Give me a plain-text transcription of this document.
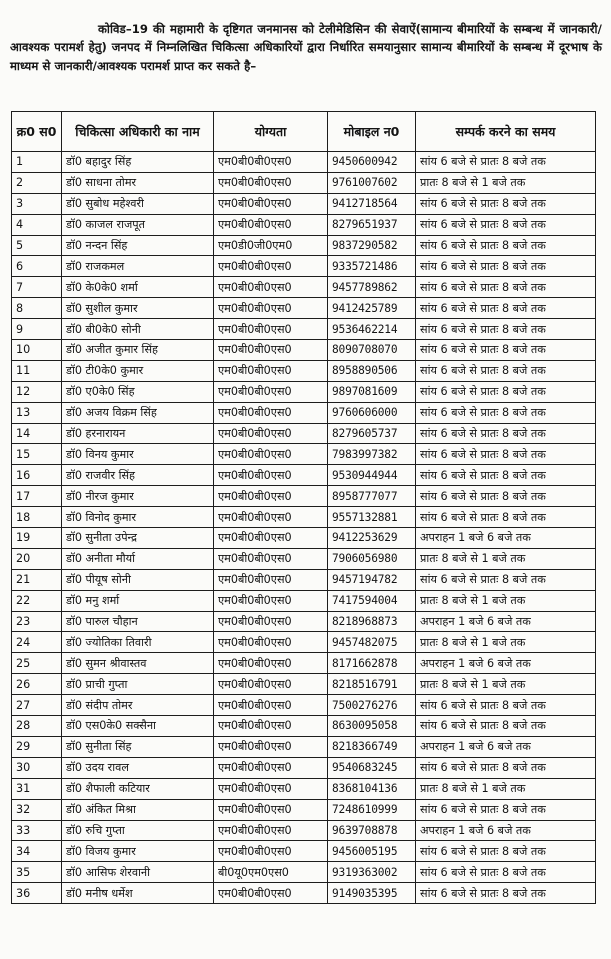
कोविड–19 की महामारी के दृष्टिगत जनमानस को टेलीमेडिसिन की सेवाऐं(सामान्य बीमारियों के सम्बन्ध में जानकारी/आवश्यक परामर्श हेतु) जनपद में निम्नलिखित चिकित्सा अधिकारियों द्वारा निर्धारित समयानुसार सामान्य बीमारियों के सम्बन्ध में दूरभाष के माध्यम से जानकारी/आवश्यक परामर्श प्राप्त कर सकते है–

क्र0 स0	चिकित्सा अधिकारी का नाम	योग्यता	मोबाइल न0	सम्पर्क करने का समय
1	डॉ0 बहादुर सिंह	एम0बी0बी0एस0	9450600942	सांय 6 बजे से प्रातः 8 बजे तक
2	डॉ0 साधना तोमर	एम0बी0बी0एस0	9761007602	प्रातः 8 बजे से 1 बजे तक
3	डॉ0 सुबोध महेश्वरी	एम0बी0बी0एस0	9412718564	सांय 6 बजे से प्रातः 8 बजे तक
4	डॉ0 काजल राजपूत	एम0बी0बी0एस0	8279651937	सांय 6 बजे से प्रातः 8 बजे तक
5	डॉ0 नन्दन सिंह	एम0डी0जी0एम0	9837290582	सांय 6 बजे से प्रातः 8 बजे तक
6	डॉ0 राजकमल	एम0बी0बी0एस0	9335721486	सांय 6 बजे से प्रातः 8 बजे तक
7	डॉ0 के0के0 शर्मा	एम0बी0बी0एस0	9457789862	सांय 6 बजे से प्रातः 8 बजे तक
8	डॉ0 सुशील कुमार	एम0बी0बी0एस0	9412425789	सांय 6 बजे से प्रातः 8 बजे तक
9	डॉ0 बी0के0 सोनी	एम0बी0बी0एस0	9536462214	सांय 6 बजे से प्रातः 8 बजे तक
10	डॉ0 अजीत कुमार सिंह	एम0बी0बी0एस0	8090708070	सांय 6 बजे से प्रातः 8 बजे तक
11	डॉ0 टी0के0 कुमार	एम0बी0बी0एस0	8958890506	सांय 6 बजे से प्रातः 8 बजे तक
12	डॉ0 ए0के0 सिंह	एम0बी0बी0एस0	9897081609	सांय 6 बजे से प्रातः 8 बजे तक
13	डॉ0 अजय विक्रम सिंह	एम0बी0बी0एस0	9760606000	सांय 6 बजे से प्रातः 8 बजे तक
14	डॉ0 हरनारायन	एम0बी0बी0एस0	8279605737	सांय 6 बजे से प्रातः 8 बजे तक
15	डॉ0 विनय कुमार	एम0बी0बी0एस0	7983997382	सांय 6 बजे से प्रातः 8 बजे तक
16	डॉ0 राजवीर सिंह	एम0बी0बी0एस0	9530944944	सांय 6 बजे से प्रातः 8 बजे तक
17	डॉ0 नीरज कुमार	एम0बी0बी0एस0	8958777077	सांय 6 बजे से प्रातः 8 बजे तक
18	डॉ0 विनोद कुमार	एम0बी0बी0एस0	9557132881	सांय 6 बजे से प्रातः 8 बजे तक
19	डॉ0 सुनीता उपेन्द्र	एम0बी0बी0एस0	9412253629	अपराहन 1 बजे 6 बजे तक
20	डॉ0 अनीता मौर्या	एम0बी0बी0एस0	7906056980	प्रातः 8 बजे से 1 बजे तक
21	डॉ0 पीयूष सोनी	एम0बी0बी0एस0	9457194782	सांय 6 बजे से प्रातः 8 बजे तक
22	डॉ0 मनु शर्मा	एम0बी0बी0एस0	7417594004	प्रातः 8 बजे से 1 बजे तक
23	डॉ0 पारुल चौहान	एम0बी0बी0एस0	8218968873	अपराहन 1 बजे 6 बजे तक
24	डॉ0 ज्योतिका तिवारी	एम0बी0बी0एस0	9457482075	प्रातः 8 बजे से 1 बजे तक
25	डॉ0 सुमन श्रीवास्तव	एम0बी0बी0एस0	8171662878	अपराहन 1 बजे 6 बजे तक
26	डॉ0 प्राची गुप्ता	एम0बी0बी0एस0	8218516791	प्रातः 8 बजे से 1 बजे तक
27	डॉ0 संदीप तोमर	एम0बी0बी0एस0	7500276276	सांय 6 बजे से प्रातः 8 बजे तक
28	डॉ0 एस0के0 सक्सैना	एम0बी0बी0एस0	8630095058	सांय 6 बजे से प्रातः 8 बजे तक
29	डॉ0 सुनीता सिंह	एम0बी0बी0एस0	8218366749	अपराहन 1 बजे 6 बजे तक
30	डॉ0 उदय रावल	एम0बी0बी0एस0	9540683245	सांय 6 बजे से प्रातः 8 बजे तक
31	डॉ0 शैफाली कटियार	एम0बी0बी0एस0	8368104136	प्रातः 8 बजे से 1 बजे तक
32	डॉ0 अंकित मिश्रा	एम0बी0बी0एस0	7248610999	सांय 6 बजे से प्रातः 8 बजे तक
33	डॉ0 रुचि गुप्ता	एम0बी0बी0एस0	9639708878	अपराहन 1 बजे 6 बजे तक
34	डॉ0 विजय कुमार	एम0बी0बी0एस0	9456005195	सांय 6 बजे से प्रातः 8 बजे तक
35	डॉ0 आसिफ शेरवानी	बी0यू0एम0एस0	9319363002	सांय 6 बजे से प्रातः 8 बजे तक
36	डॉ0 मनीष धर्मेश	एम0बी0बी0एस0	9149035395	सांय 6 बजे से प्रातः 8 बजे तक
